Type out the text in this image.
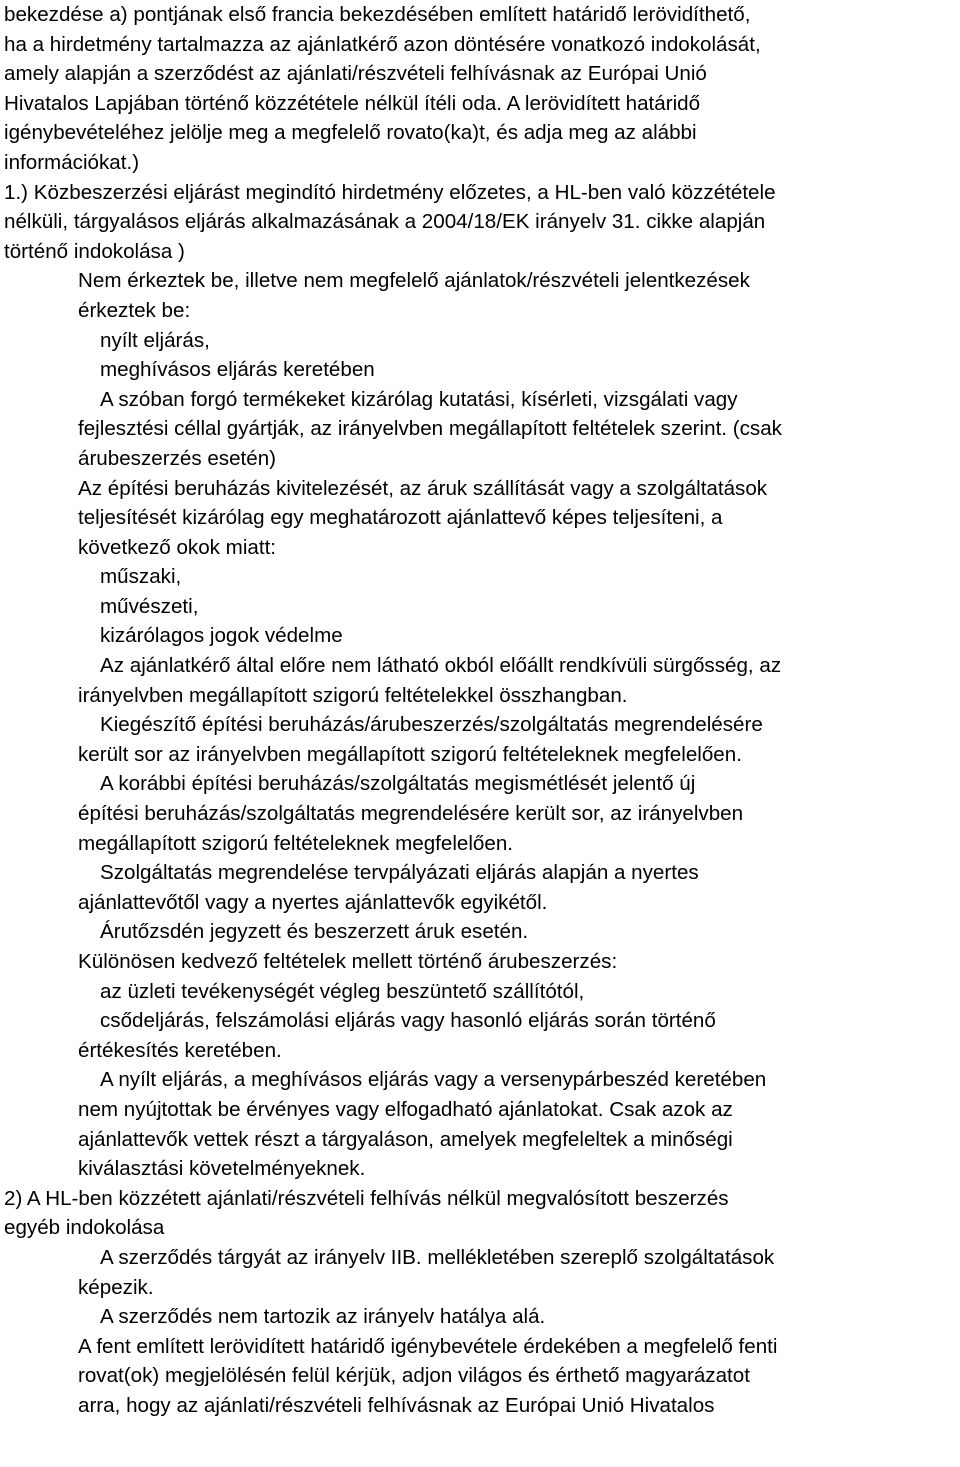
bekezdése a) pontjának első francia bekezdésében említett határidő lerövidíthető,
ha a hirdetmény tartalmazza az ajánlatkérő azon döntésére vonatkozó indokolását,
amely alapján a szerződést az ajánlati/részvételi felhívásnak az Európai Unió
Hivatalos Lapjában történő közzététele nélkül ítéli oda. A lerövidített határidő
igénybevételéhez jelölje meg a megfelelő rovato(ka)t, és adja meg az alábbi
információkat.)
1.) Közbeszerzési eljárást megindító hirdetmény előzetes, a HL-ben való közzététele
nélküli, tárgyalásos eljárás alkalmazásának a 2004/18/EK irányelv 31. cikke alapján
történő indokolása )
Nem érkeztek be, illetve nem megfelelő ajánlatok/részvételi jelentkezések
érkeztek be:
nyílt eljárás,
meghívásos eljárás keretében
A szóban forgó termékeket kizárólag kutatási, kísérleti, vizsgálati vagy
fejlesztési céllal gyártják, az irányelvben megállapított feltételek szerint. (csak
árubeszerzés esetén)
Az építési beruházás kivitelezését, az áruk szállítását vagy a szolgáltatások
teljesítését kizárólag egy meghatározott ajánlattevő képes teljesíteni, a
következő okok miatt:
műszaki,
művészeti,
kizárólagos jogok védelme
Az ajánlatkérő által előre nem látható okból előállt rendkívüli sürgősség, az
irányelvben megállapított szigorú feltételekkel összhangban.
Kiegészítő építési beruházás/árubeszerzés/szolgáltatás megrendelésére
került sor az irányelvben megállapított szigorú feltételeknek megfelelően.
A korábbi építési beruházás/szolgáltatás megismétlését jelentő új
építési beruházás/szolgáltatás megrendelésére került sor, az irányelvben
megállapított szigorú feltételeknek megfelelően.
Szolgáltatás megrendelése tervpályázati eljárás alapján a nyertes
ajánlattevőtől vagy a nyertes ajánlattevők egyikétől.
Árutőzsdén jegyzett és beszerzett áruk esetén.
Különösen kedvező feltételek mellett történő árubeszerzés:
az üzleti tevékenységét végleg beszüntető szállítótól,
csődeljárás, felszámolási eljárás vagy hasonló eljárás során történő
értékesítés keretében.
A nyílt eljárás, a meghívásos eljárás vagy a versenypárbeszéd keretében
nem nyújtottak be érvényes vagy elfogadható ajánlatokat. Csak azok az
ajánlattevők vettek részt a tárgyaláson, amelyek megfeleltek a minőségi
kiválasztási követelményeknek.
2) A HL-ben közzétett ajánlati/részvételi felhívás nélkül megvalósított beszerzés
egyéb indokolása
A szerződés tárgyát az irányelv IIB. mellékletében szereplő szolgáltatások
képezik.
A szerződés nem tartozik az irányelv hatálya alá.
A fent említett lerövidített határidő igénybevétele érdekében a megfelelő fenti
rovat(ok) megjelölésén felül kérjük, adjon világos és érthető magyarázatot
arra, hogy az ajánlati/részvételi felhívásnak az Európai Unió Hivatalos
